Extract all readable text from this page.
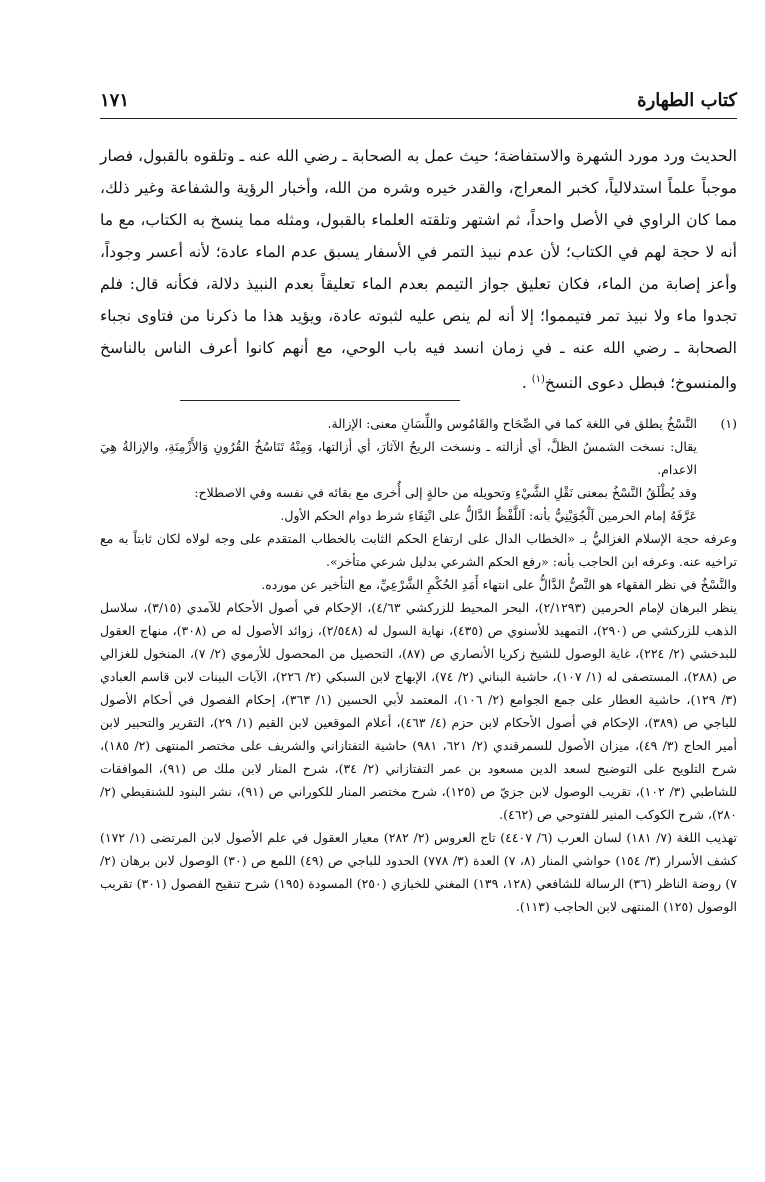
كتاب الطهارة
١٧١

الحديث ورد مورد الشهرة والاستفاضة؛ حيث عمل به الصحابة ـ رضي الله عنه ـ وتلقوه بالقبول، فصار موجباً علماً استدلالياً، كخبر المعراج، والقدر خيره وشره من الله، وأخبار الرؤية والشفاعة وغير ذلك، مما كان الراوي في الأصل واحداً، ثم اشتهر وتلقته العلماء بالقبول، ومثله مما ينسخ به الكتاب، مع ما أنه لا حجة لهم في الكتاب؛ لأن عدم نبيذ التمر في الأسفار يسبق عدم الماء عادة؛ لأنه أعسر وجوداً، وأعز إصابة من الماء، فكان تعليق جواز التيمم بعدم الماء تعليقاً بعدم النبيذ دلالة، فكأنه قال: فلم تجدوا ماء ولا نبيذ تمر فتيمموا؛ إلا أنه لم ينص عليه لثبوته عادة، ويؤيد هذا ما ذكرنا من فتاوى نجباء الصحابة ـ رضي الله عنه ـ في زمان انسد فيه باب الوحي، مع أنهم كانوا أعرف الناس بالناسخ والمنسوخ؛ فبطل دعوى النسخ$^{(١)}$ .

(١)

النَّسْخُ يطلق في اللغة كما في الصِّحَاح والقَامُوس واللِّسَانِ معنى: الإزالة.

يقال: نسخت الشمسُ الظلَّ، أي أزالته ـ ونسخت الريحُ الآثارَ، أي أزالتها، وَمِنْهُ تَنَاسُخُ القُرُونِ وَالأَزْمِنَةِ، والإزالةُ هِيَ الاعدام.

وقد يُطْلَقُ النَّسْخُ بمعنى نَقْلِ الشَّيْءِ وتحويله من حالةٍ إلى أُخرى مع بقائه في نفسه وفي الاصطلاح:

عَرَّفَهُ إمام الحرمين اَلْجُوَيْنِيُّ بأنه: اَللَّفْظُ الدَّالُّ على انْتِفَاءِ شرط دوام الحكم الأول.

وعرفه حجة الإسلام الغزاليُّ بـ «الخطاب الدال على ارتفاع الحكم الثابت بالخطاب المتقدم على وجه لولاه لكان ثابتاً به مع تراخيه عنه. وعرفه ابن الحاجب بأنه: «رفع الحكم الشرعي بدليل شرعي متأخر».

والنَّسْخُ في نظر الفقهاء هو النَّصُّ الدَّالُّ على انتهاء أَمَدِ الحُكْمِ الشَّرْعِيِّ، مع التأخير عن مورده.

ينظر البرهان لإمام الحرمين (٢/١٢٩٣)، البحر المحيط للزركشي ٤/٦٣)، الإحكام في أصول الأحكام للآمدي (٣/١٥)، سلاسل الذهب للزركشي ص (٢٩٠)، التمهيد للأسنوي ص (٤٣٥)، نهاية السول له (٢/٥٤٨)، زوائد الأصول له ص (٣٠٨)، منهاج العقول للبدخشي (٢/ ٢٢٤)، غاية الوصول للشيخ زكريا الأنصاري ص (٨٧)، التحصيل من المحصول للأرموي (٢/ ٧)، المنخول للغزالي ص (٢٨٨)، المستصفى له (١/ ١٠٧)، حاشية البناني (٢/ ٧٤)، الإبهاج لابن السبكي (٢/ ٢٢٦)، الآيات البينات لابن قاسم العبادي (٣/ ١٢٩)، حاشية العطار على جمع الجوامع (٢/ ١٠٦)، المعتمد لأبي الحسين (١/ ٣٦٣)، إحكام الفصول في أحكام الأصول للباجي ص (٣٨٩)، الإحكام في أصول الأحكام لابن حزم (٤/ ٤٦٣)، أعلام الموقعين لابن القيم (١/ ٢٩)، التقرير والتحبير لابن أمير الحاج (٣/ ٤٩)، ميزان الأصول للسمرقندي (٢/ ٦٢١، ٩٨١) حاشية التفتازاني والشريف على مختصر المنتهى (٢/ ١٨٥)، شرح التلويح على التوضيح لسعد الدين مسعود بن عمر التفتازاني (٢/ ٣٤)، شرح المنار لابن ملك ص (٩١)، الموافقات للشاطبي (٣/ ١٠٢)، تقريب الوصول لابن جزيّ ص (١٢٥)، شرح مختصر المنار للكوراني ص (٩١)، نشر البنود للشنقيطي (٢/ ٢٨٠)، شرح الكوكب المنير للفتوحي ص (٤٦٢).

تهذيب اللغة (٧/ ١٨١) لسان العرب (٦/ ٤٤٠٧) تاج العروس (٢/ ٢٨٢) معيار العقول في علم الأصول لابن المرتضى (١/ ١٧٢) كشف الأسرار (٣/ ١٥٤) حواشي المنار (٨، ٧) العدة (٣/ ٧٧٨) الحدود للباجي ص (٤٩) اللمع ص (٣٠) الوصول لابن برهان (٢/ ٧) روضة الناظر (٣٦) الرسالة للشافعي (١٢٨، ١٣٩) المغني للخبازي (٢٥٠) المسودة (١٩٥) شرح تنقيح الفصول (٣٠١) تقريب الوصول (١٢٥) المنتهى لابن الحاجب (١١٣).
